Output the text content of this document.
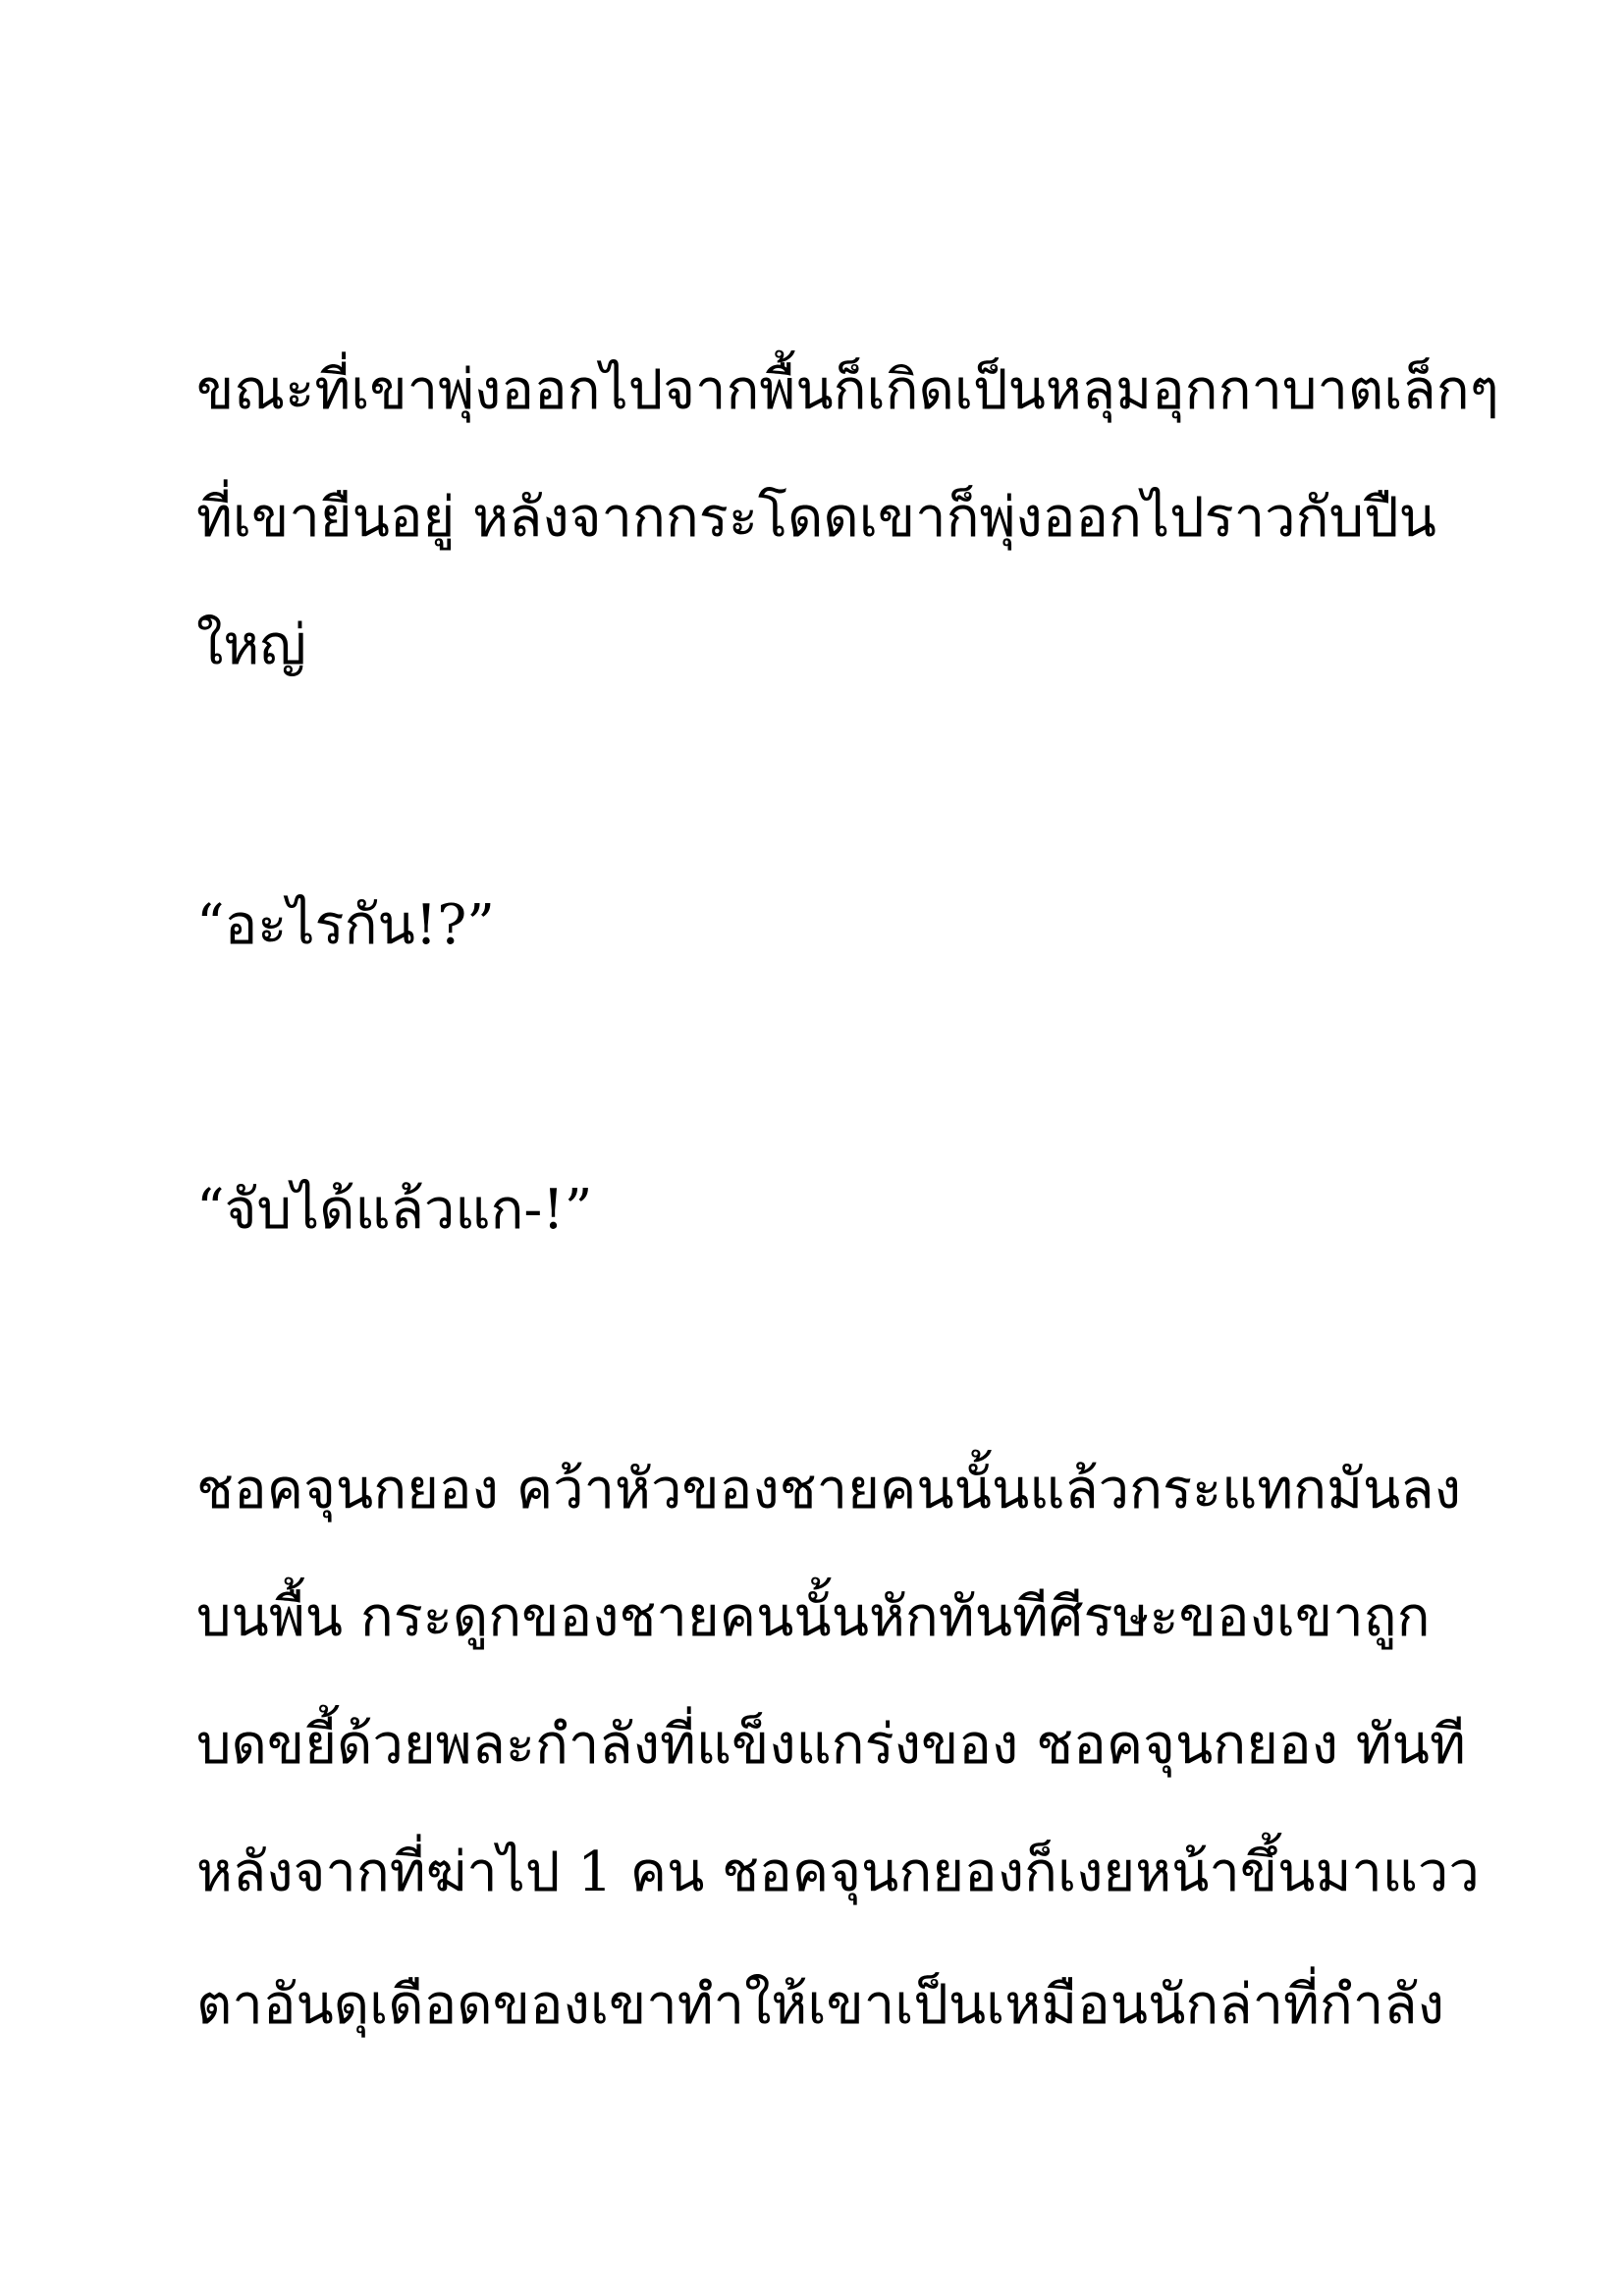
ขณะที่เขาพุ่งออกไปจากพื้นก็เกิดเป็นหลุมอุกกาบาตเล็กๆ

ที่เขายืนอยู่ หลังจากกระโดดเขาก็พุ่งออกไปราวกับปืน

ใหญ่

“อะไรกัน!?”

“จับได้แล้วแก-!”

ชอคจุนกยอง คว้าหัวของชายคนนั้นแล้วกระแทกมันลง

บนพื้น กระดูกของชายคนนั้นหักทันทีศีรษะของเขาถูก

บดขยี้ด้วยพละกำลังที่แข็งแกร่งของ ชอคจุนกยอง ทันที

หลังจากที่ฆ่าไป 1 คน ชอคจุนกยองก็เงยหน้าขึ้นมาแวว

ตาอันดุเดือดของเขาทำให้เขาเป็นเหมือนนักล่าที่กำลัง
